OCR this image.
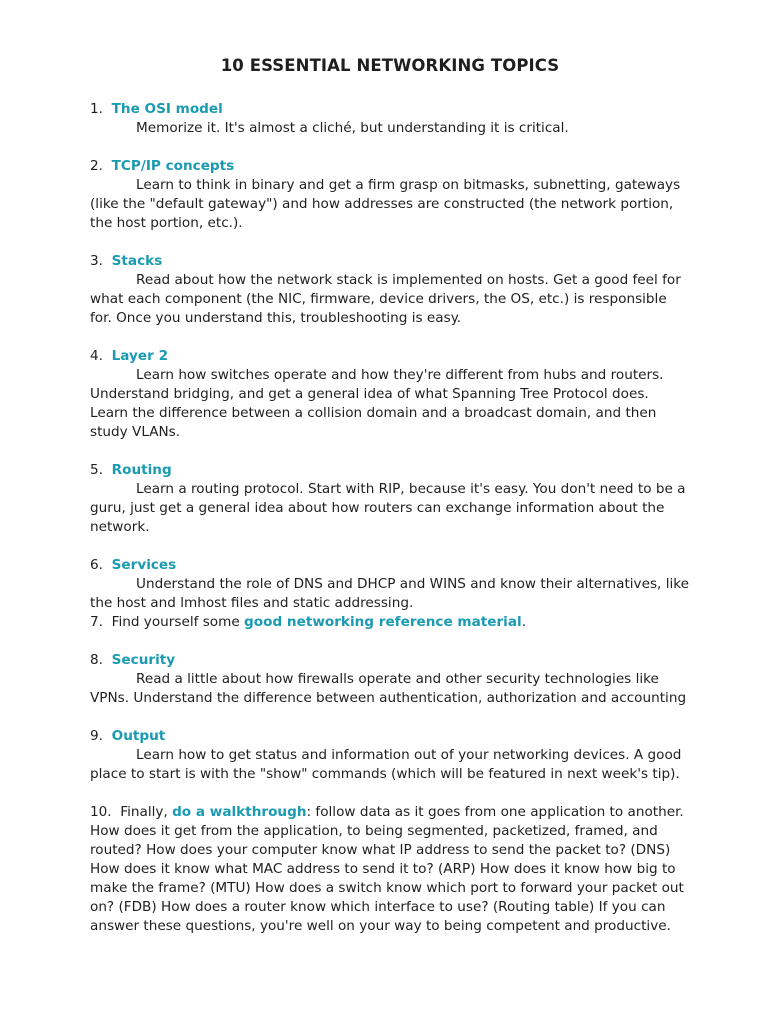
10 ESSENTIAL NETWORKING TOPICS
1. The OSI model
Memorize it. It's almost a cliché, but understanding it is critical.
2. TCP/IP concepts
Learn to think in binary and get a firm grasp on bitmasks, subnetting, gateways (like the "default gateway") and how addresses are constructed (the network portion, the host portion, etc.).
3. Stacks
Read about how the network stack is implemented on hosts. Get a good feel for what each component (the NIC, firmware, device drivers, the OS, etc.) is responsible for. Once you understand this, troubleshooting is easy.
4. Layer 2
Learn how switches operate and how they're different from hubs and routers. Understand bridging, and get a general idea of what Spanning Tree Protocol does. Learn the difference between a collision domain and a broadcast domain, and then study VLANs.
5. Routing
Learn a routing protocol. Start with RIP, because it's easy. You don't need to be a guru, just get a general idea about how routers can exchange information about the network.
6. Services
Understand the role of DNS and DHCP and WINS and know their alternatives, like the host and lmhost files and static addressing.
7. Find yourself some good networking reference material.
8. Security
Read a little about how firewalls operate and other security technologies like VPNs. Understand the difference between authentication, authorization and accounting
9. Output
Learn how to get status and information out of your networking devices. A good place to start is with the "show" commands (which will be featured in next week's tip).
10. Finally, do a walkthrough: follow data as it goes from one application to another. How does it get from the application, to being segmented, packetized, framed, and routed? How does your computer know what IP address to send the packet to? (DNS) How does it know what MAC address to send it to? (ARP) How does it know how big to make the frame? (MTU) How does a switch know which port to forward your packet out on? (FDB) How does a router know which interface to use? (Routing table) If you can answer these questions, you're well on your way to being competent and productive.
